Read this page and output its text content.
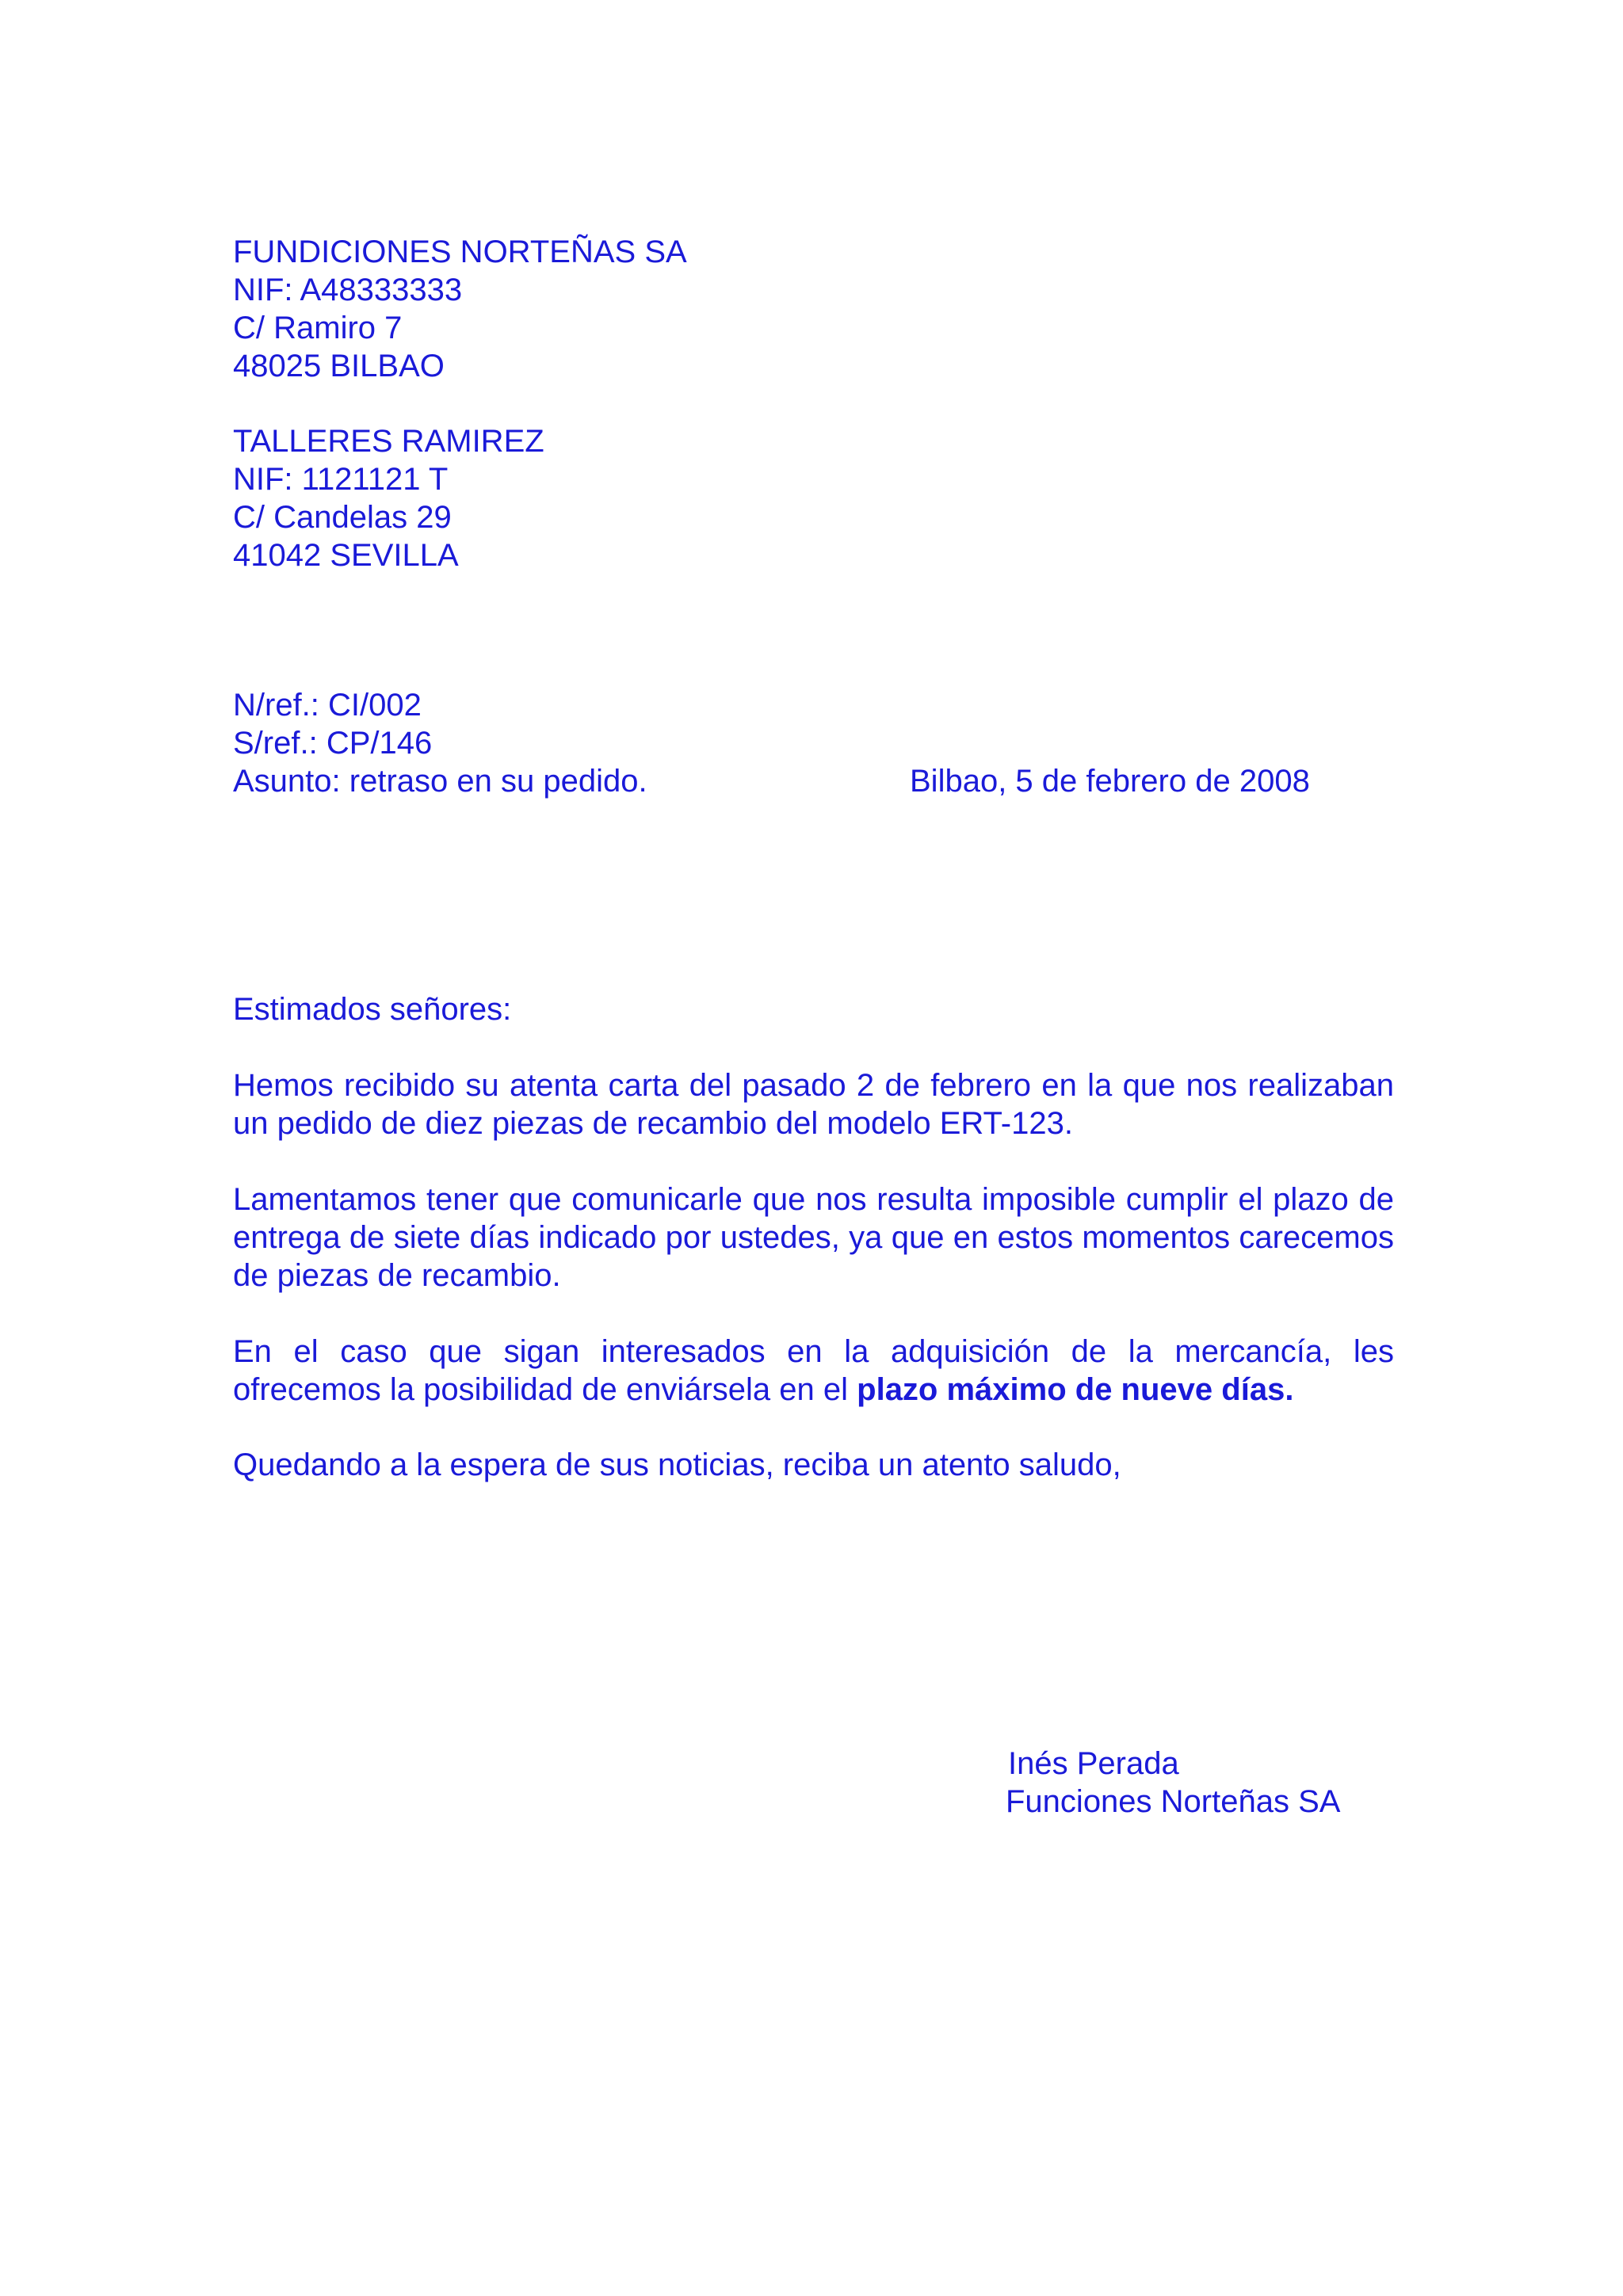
FUNDICIONES NORTEÑAS SA
NIF: A48333333
C/ Ramiro 7
48025 BILBAO
TALLERES RAMIREZ
NIF: 1121121 T
C/ Candelas 29
41042 SEVILLA
N/ref.: CI/002
S/ref.: CP/146
Asunto: retraso en su pedido.	Bilbao, 5 de febrero de 2008
Estimados señores:
Hemos recibido su atenta carta del pasado 2 de febrero en la que nos realizaban un pedido de diez piezas de recambio del modelo ERT-123.
Lamentamos tener que comunicarle que nos resulta imposible cumplir el plazo de entrega de siete días indicado por ustedes, ya que en estos momentos carecemos de piezas de recambio.
En el caso que sigan interesados en la adquisición de la mercancía, les ofrecemos la posibilidad de enviársela en el plazo máximo de nueve días.
Quedando a la espera de sus noticias, reciba un atento saludo,
Inés Perada
Funciones Norteñas SA
